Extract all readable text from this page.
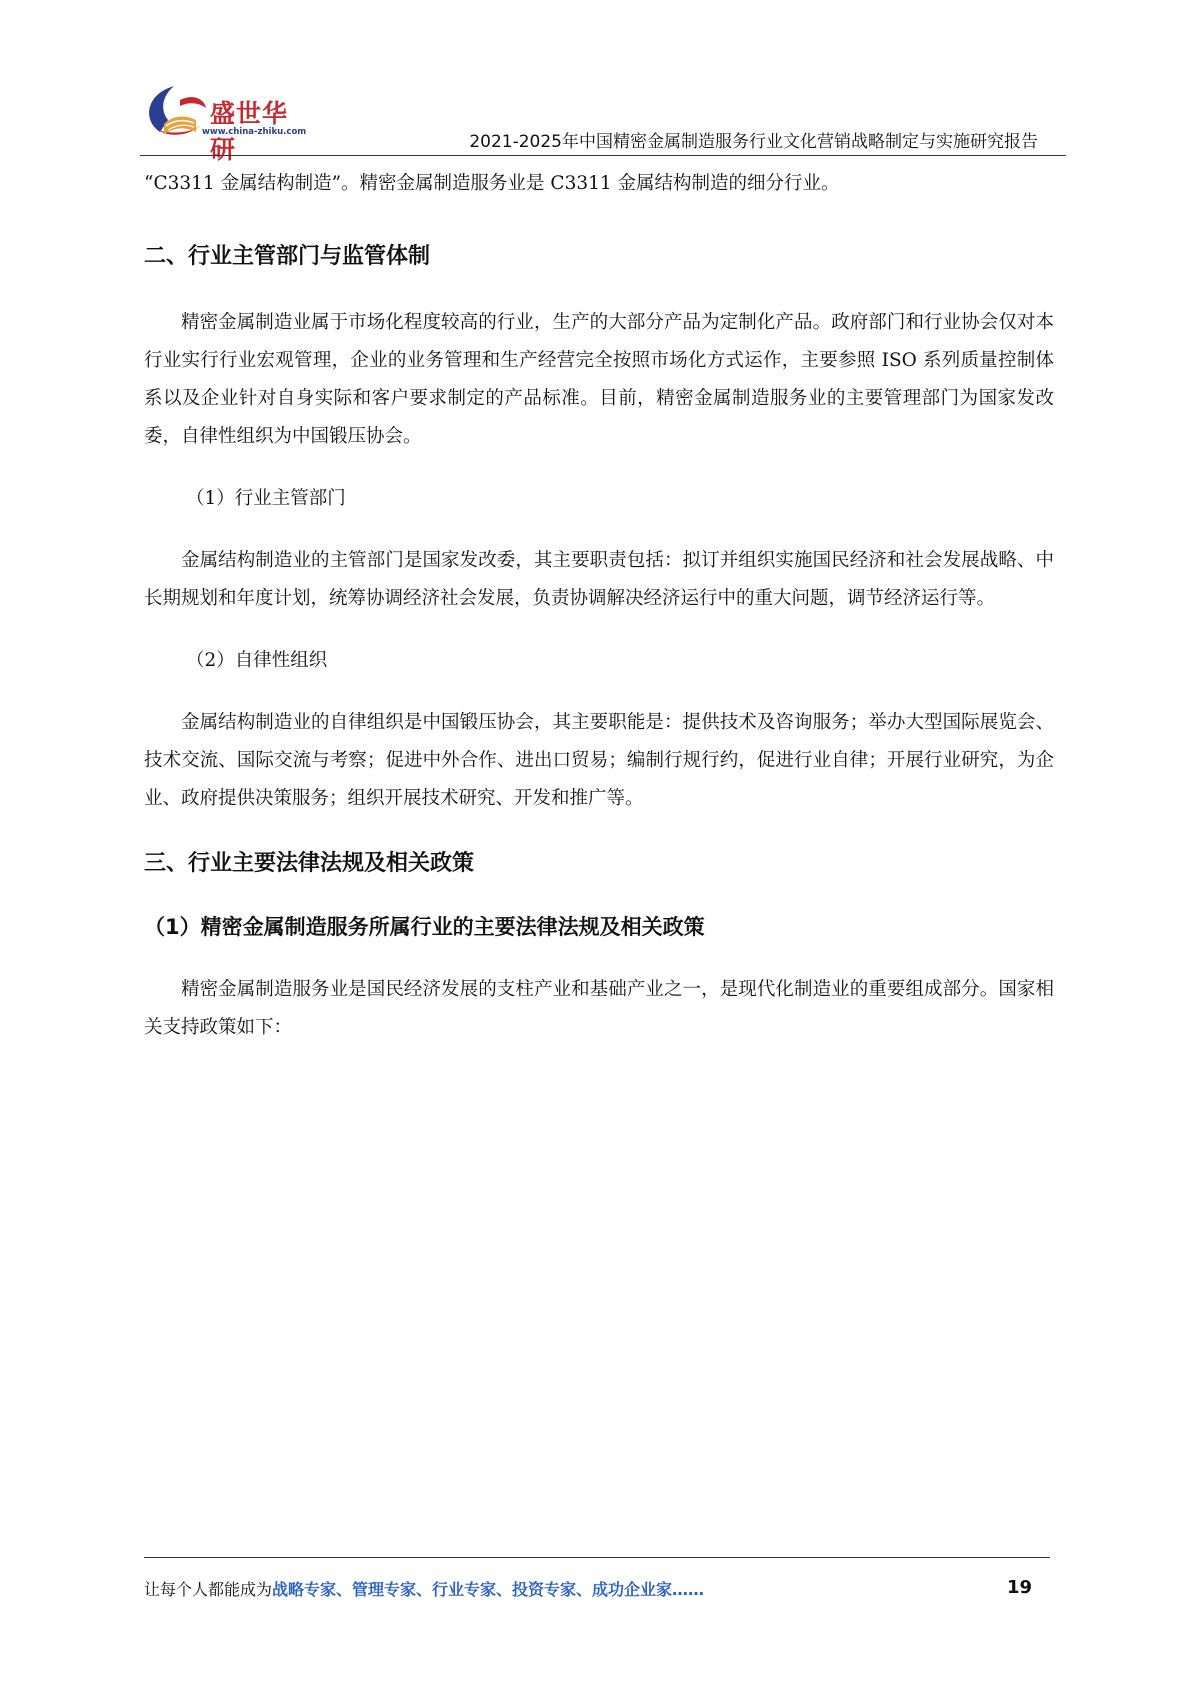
盛世华研
www.china-zhiku.com	2021-2025年中国精密金属制造服务行业文化营销战略制定与实施研究报告

“C3311 金属结构制造”。精密金属制造服务业是 C3311 金属结构制造的细分行业。

二、行业主管部门与监管体制

精密金属制造业属于市场化程度较高的行业，生产的大部分产品为定制化产品。政府部门和行业协会仅对本行业实行行业宏观管理，企业的业务管理和生产经营完全按照市场化方式运作，主要参照 ISO 系列质量控制体系以及企业针对自身实际和客户要求制定的产品标准。目前，精密金属制造服务业的主要管理部门为国家发改委，自律性组织为中国锻压协会。

（1）行业主管部门

金属结构制造业的主管部门是国家发改委，其主要职责包括：拟订并组织实施国民经济和社会发展战略、中长期规划和年度计划，统筹协调经济社会发展，负责协调解决经济运行中的重大问题，调节经济运行等。

（2）自律性组织

金属结构制造业的自律组织是中国锻压协会，其主要职能是：提供技术及咨询服务；举办大型国际展览会、技术交流、国际交流与考察；促进中外合作、进出口贸易；编制行规行约，促进行业自律；开展行业研究，为企业、政府提供决策服务；组织开展技术研究、开发和推广等。

三、行业主要法律法规及相关政策

（1）精密金属制造服务所属行业的主要法律法规及相关政策

精密金属制造服务业是国民经济发展的支柱产业和基础产业之一，是现代化制造业的重要组成部分。国家相关支持政策如下：

让每个人都能成为战略专家、管理专家、行业专家、投资专家、成功企业家……	19
